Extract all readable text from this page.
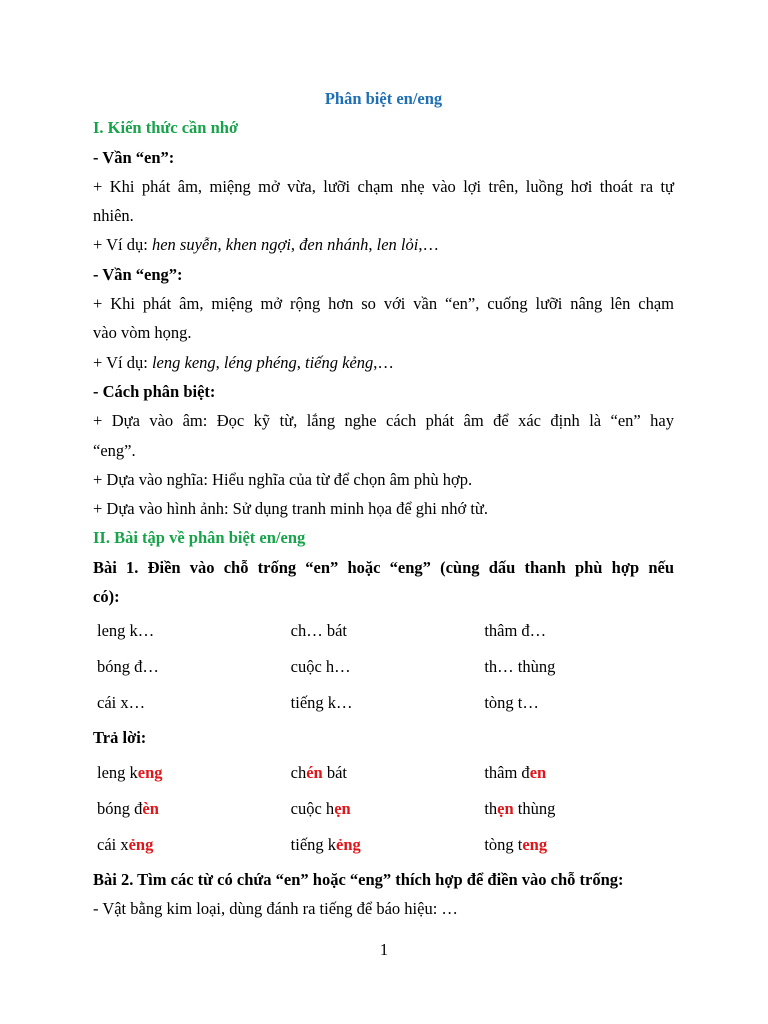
Phân biệt en/eng

I. Kiến thức cần nhớ

- Vần “en”:

+ Khi phát âm, miệng mở vừa, lưỡi chạm nhẹ vào lợi trên, luồng hơi thoát ra tự

nhiên.

+ Ví dụ: hen suyễn, khen ngợi, đen nhánh, len lỏi,…

- Vần “eng”:

+ Khi phát âm, miệng mở rộng hơn so với vần “en”, cuống lưỡi nâng lên chạm

vào vòm họng.

+ Ví dụ: leng keng, léng phéng, tiếng kẻng,…

- Cách phân biệt:

+ Dựa vào âm: Đọc kỹ từ, lắng nghe cách phát âm để xác định là “en” hay

“eng”.

+ Dựa vào nghĩa: Hiểu nghĩa của từ để chọn âm phù hợp.

+ Dựa vào hình ảnh: Sử dụng tranh minh họa để ghi nhớ từ.

II. Bài tập về phân biệt en/eng

Bài 1. Điền vào chỗ trống “en” hoặc “eng” (cùng dấu thanh phù hợp nếu

có):

leng k…	ch… bát	thâm đ…
bóng đ…	cuộc h…	th… thùng
cái x…	tiếng k…	tòng t…

Trả lời:

leng keng	chén bát	thâm đen
bóng đèn	cuộc hẹn	thẹn thùng
cái xẻng	tiếng kẻng	tòng teng

Bài 2. Tìm các từ có chứa “en” hoặc “eng” thích hợp để điền vào chỗ trống:

- Vật bằng kim loại, dùng đánh ra tiếng để báo hiệu: …

1
